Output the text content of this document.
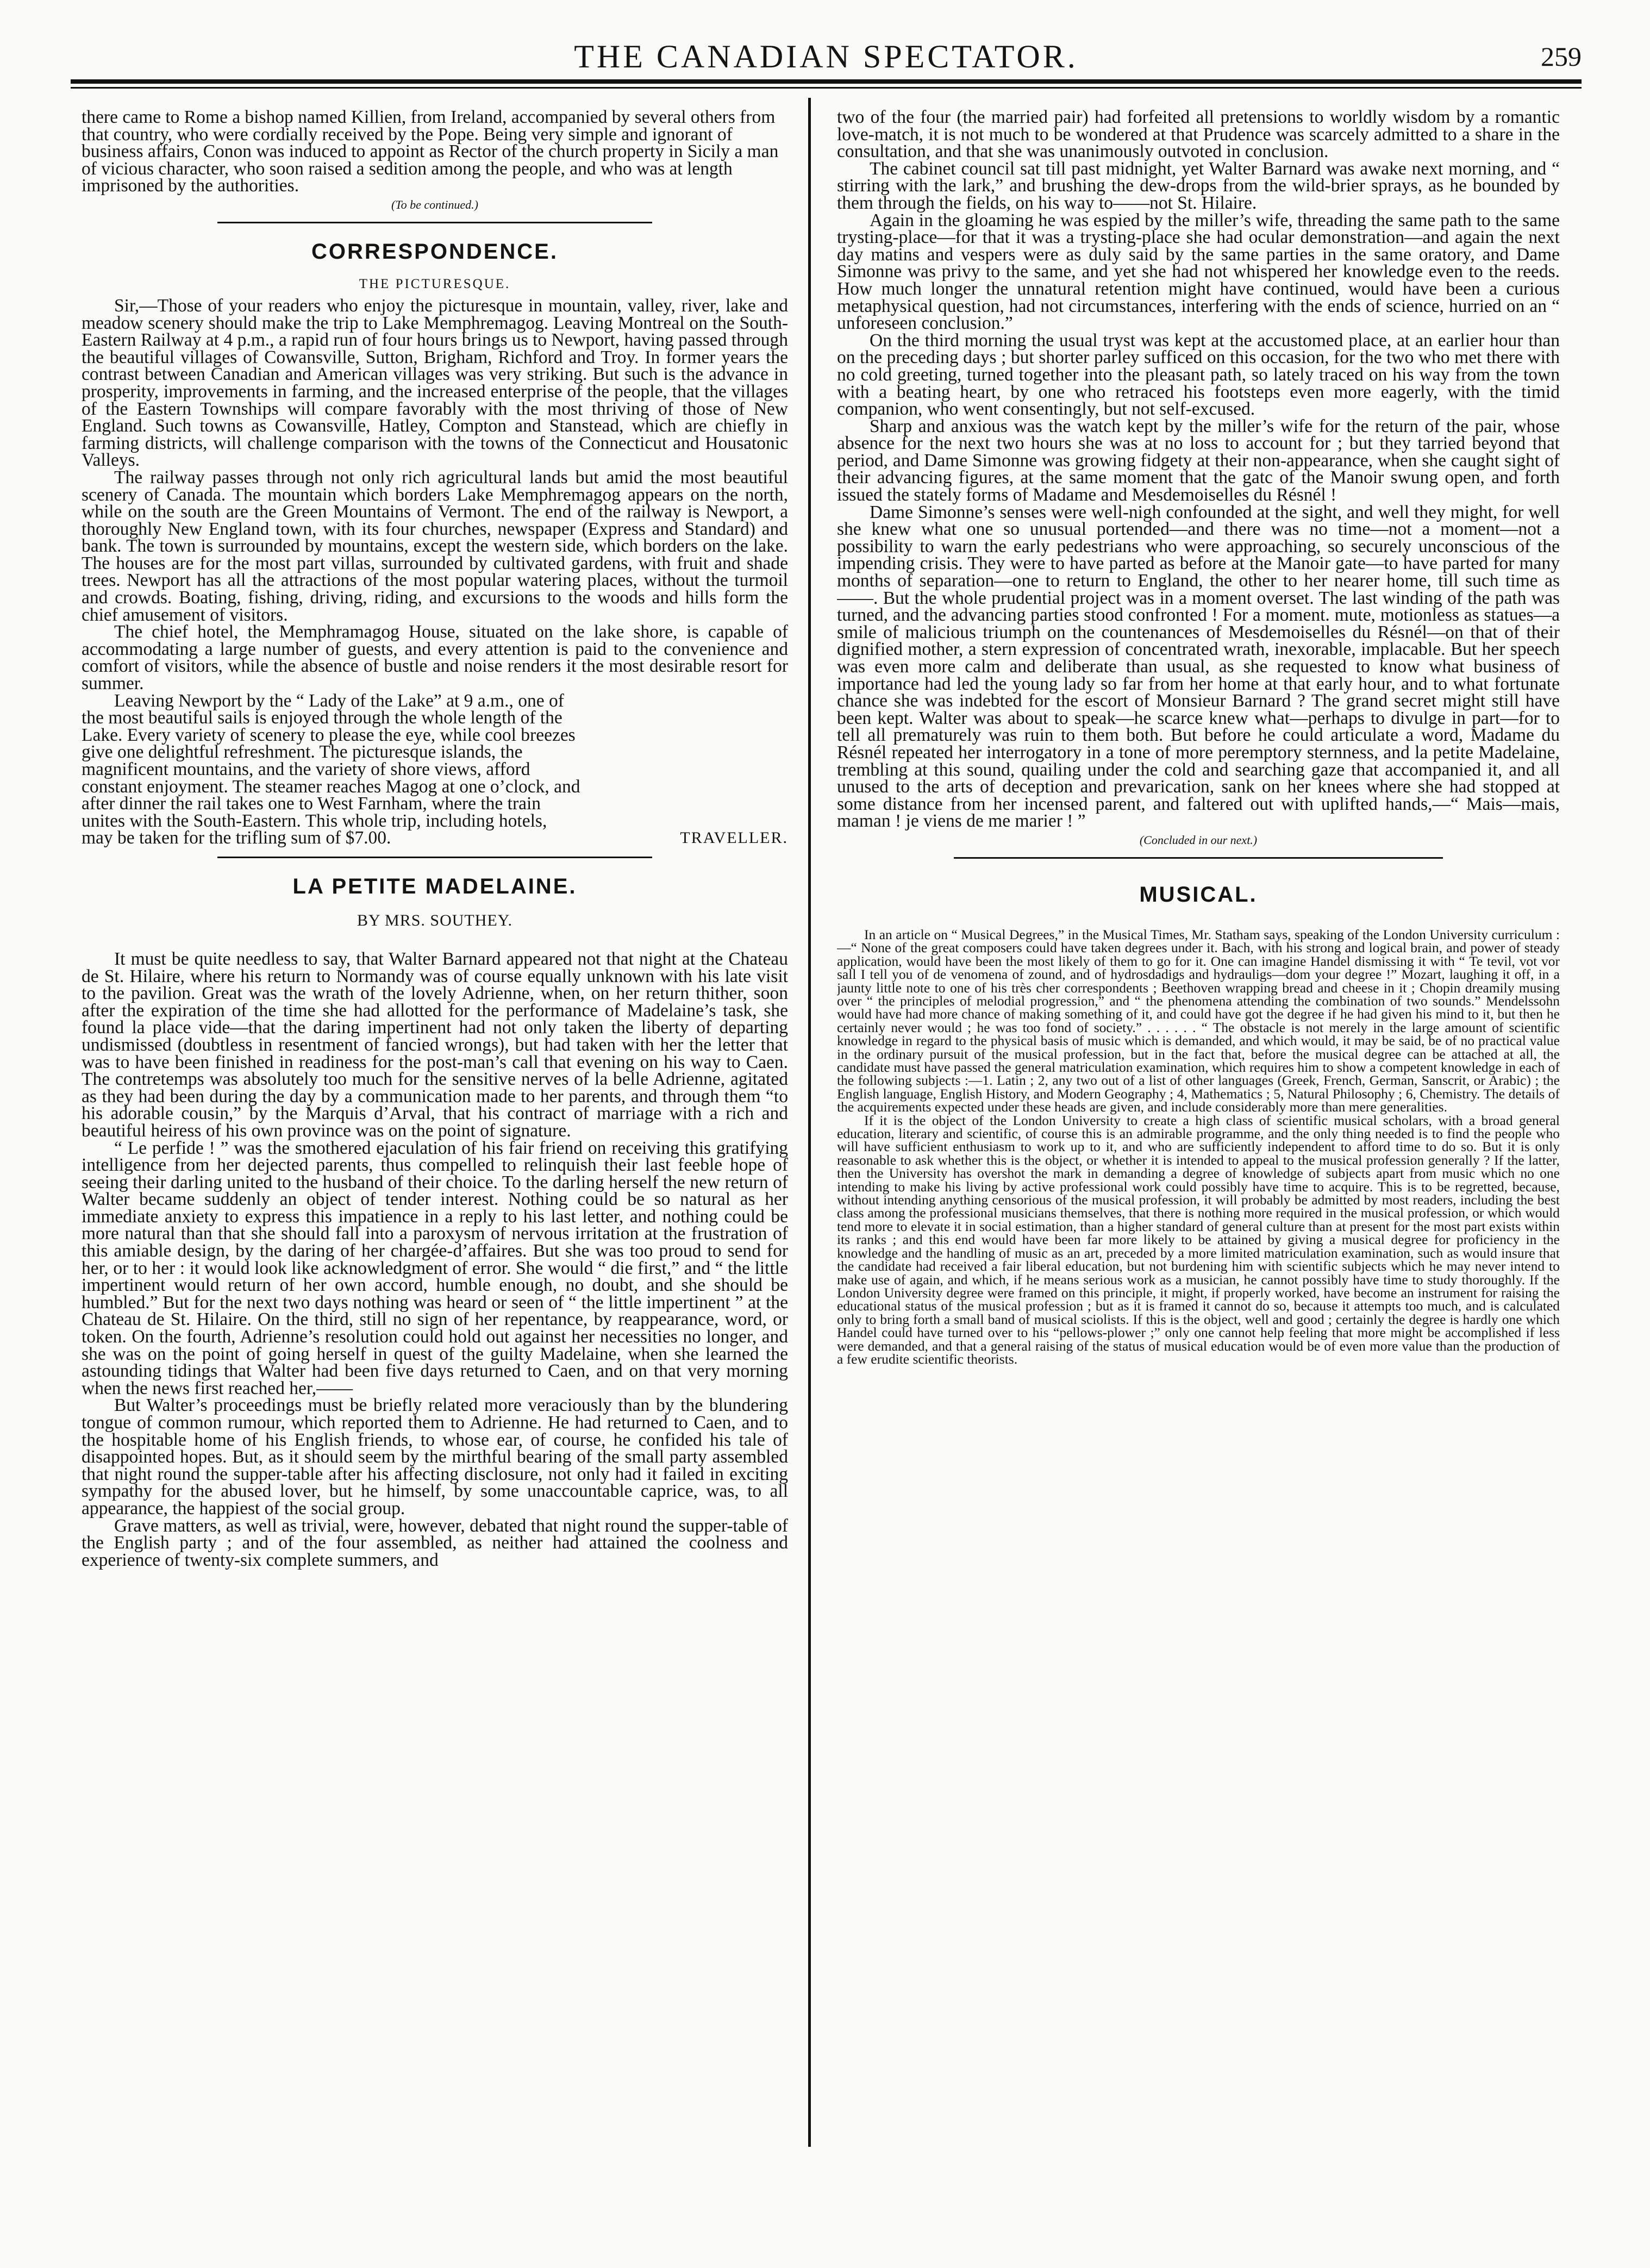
THE CANADIAN SPECTATOR.	259

there came to Rome a bishop named Killien, from Ireland, accompanied by several others from that country, who were cordially received by the Pope. Being very simple and ignorant of business affairs, Conon was induced to appoint as Rector of the church property in Sicily a man of vicious character, who soon raised a sedition among the people, and who was at length imprisoned by the authorities.

(To be continued.)
CORRESPONDENCE.
THE PICTURESQUE.

Sir,—Those of your readers who enjoy the picturesque in mountain, valley, river, lake and meadow scenery should make the trip to Lake Memphremagog. Leaving Montreal on the South-Eastern Railway at 4 p.m., a rapid run of four hours brings us to Newport, having passed through the beautiful villages of Cowansville, Sutton, Brigham, Richford and Troy. In former years the contrast between Canadian and American villages was very striking. But such is the advance in prosperity, improvements in farming, and the increased enterprise of the people, that the villages of the Eastern Townships will compare favorably with the most thriving of those of New England. Such towns as Cowansville, Hatley, Compton and Stanstead, which are chiefly in farming districts, will challenge comparison with the towns of the Connecticut and Housatonic Valleys.

The railway passes through not only rich agricultural lands but amid the most beautiful scenery of Canada. The mountain which borders Lake Memphremagog appears on the north, while on the south are the Green Mountains of Vermont. The end of the railway is Newport, a thoroughly New England town, with its four churches, newspaper (Express and Standard) and bank. The town is surrounded by mountains, except the western side, which borders on the lake. The houses are for the most part villas, surrounded by cultivated gardens, with fruit and shade trees. Newport has all the attractions of the most popular watering places, without the turmoil and crowds. Boating, fishing, driving, riding, and excursions to the woods and hills form the chief amusement of visitors.

The chief hotel, the Memphramagog House, situated on the lake shore, is capable of accommodating a large number of guests, and every attention is paid to the convenience and comfort of visitors, while the absence of bustle and noise renders it the most desirable resort for summer.

Leaving Newport by the “ Lady of the Lake” at 9 a.m., one of the most beautiful sails is enjoyed through the whole length of the Lake. Every variety of scenery to please the eye, while cool breezes give one delightful refreshment. The picturesque islands, the magnificent mountains, and the variety of shore views, afford constant enjoyment. The steamer reaches Magog at one o’clock, and after dinner the rail takes one to West Farnham, where the train unites with the South-Eastern. This whole trip, including hotels, may be taken for the trifling sum of $7.00.	TRAVELLER.
LA PETITE MADELAINE.
BY MRS. SOUTHEY.

It must be quite needless to say, that Walter Barnard appeared not that night at the Chateau de St. Hilaire, where his return to Normandy was of course equally unknown with his late visit to the pavilion. Great was the wrath of the lovely Adrienne, when, on her return thither, soon after the expiration of the time she had allotted for the performance of Madelaine’s task, she found la place vide—that the daring impertinent had not only taken the liberty of departing undismissed (doubtless in resentment of fancied wrongs), but had taken with her the letter that was to have been finished in readiness for the post-man’s call that evening on his way to Caen. The contretemps was absolutely too much for the sensitive nerves of la belle Adrienne, agitated as they had been during the day by a communication made to her parents, and through them “to his adorable cousin,” by the Marquis d’Arval, that his contract of marriage with a rich and beautiful heiress of his own province was on the point of signature.

“ Le perfide ! ” was the smothered ejaculation of his fair friend on receiving this gratifying intelligence from her dejected parents, thus compelled to relinquish their last feeble hope of seeing their darling united to the husband of their choice. To the darling herself the new return of Walter became suddenly an object of tender interest. Nothing could be so natural as her immediate anxiety to express this impatience in a reply to his last letter, and nothing could be more natural than that she should fall into a paroxysm of nervous irritation at the frustration of this amiable design, by the daring of her chargée-d’affaires. But she was too proud to send for her, or to her : it would look like acknowledgment of error. She would “ die first,” and “ the little impertinent would return of her own accord, humble enough, no doubt, and she should be humbled.” But for the next two days nothing was heard or seen of “ the little impertinent ” at the Chateau de St. Hilaire. On the third, still no sign of her repentance, by reappearance, word, or token. On the fourth, Adrienne’s resolution could hold out against her necessities no longer, and she was on the point of going herself in quest of the guilty Madelaine, when she learned the astounding tidings that Walter had been five days returned to Caen, and on that very morning when the news first reached her,——

But Walter’s proceedings must be briefly related more veraciously than by the blundering tongue of common rumour, which reported them to Adrienne. He had returned to Caen, and to the hospitable home of his English friends, to whose ear, of course, he confided his tale of disappointed hopes. But, as it should seem by the mirthful bearing of the small party assembled that night round the supper-table after his affecting disclosure, not only had it failed in exciting sympathy for the abused lover, but he himself, by some unaccountable caprice, was, to all appearance, the happiest of the social group.

Grave matters, as well as trivial, were, however, debated that night round the supper-table of the English party ; and of the four assembled, as neither had attained the coolness and experience of twenty-six complete summers, and

two of the four (the married pair) had forfeited all pretensions to worldly wisdom by a romantic love-match, it is not much to be wondered at that Prudence was scarcely admitted to a share in the consultation, and that she was unanimously outvoted in conclusion.

The cabinet council sat till past midnight, yet Walter Barnard was awake next morning, and “ stirring with the lark,” and brushing the dew-drops from the wild-brier sprays, as he bounded by them through the fields, on his way to——not St. Hilaire.

Again in the gloaming he was espied by the miller’s wife, threading the same path to the same trysting-place—for that it was a trysting-place she had ocular demonstration—and again the next day matins and vespers were as duly said by the same parties in the same oratory, and Dame Simonne was privy to the same, and yet she had not whispered her knowledge even to the reeds. How much longer the unnatural retention might have continued, would have been a curious metaphysical question, had not circumstances, interfering with the ends of science, hurried on an “ unforeseen conclusion.”

On the third morning the usual tryst was kept at the accustomed place, at an earlier hour than on the preceding days ; but shorter parley sufficed on this occasion, for the two who met there with no cold greeting, turned together into the pleasant path, so lately traced on his way from the town with a beating heart, by one who retraced his footsteps even more eagerly, with the timid companion, who went consentingly, but not self-excused.

Sharp and anxious was the watch kept by the miller’s wife for the return of the pair, whose absence for the next two hours she was at no loss to account for ; but they tarried beyond that period, and Dame Simonne was growing fidgety at their non-appearance, when she caught sight of their advancing figures, at the same moment that the gatc of the Manoir swung open, and forth issued the stately forms of Madame and Mesdemoiselles du Résnél !

Dame Simonne’s senses were well-nigh confounded at the sight, and well they might, for well she knew what one so unusual portended—and there was no time—not a moment—not a possibility to warn the early pedestrians who were approaching, so securely unconscious of the impending crisis. They were to have parted as before at the Manoir gate—to have parted for many months of separation—one to return to England, the other to her nearer home, till such time as——. But the whole prudential project was in a moment overset. The last winding of the path was turned, and the advancing parties stood confronted ! For a moment. mute, motionless as statues—a smile of malicious triumph on the countenances of Mesdemoiselles du Résnél—on that of their dignified mother, a stern expression of concentrated wrath, inexorable, implacable. But her speech was even more calm and deliberate than usual, as she requested to know what business of importance had led the young lady so far from her home at that early hour, and to what fortunate chance she was indebted for the escort of Monsieur Barnard ? The grand secret might still have been kept. Walter was about to speak—he scarce knew what—perhaps to divulge in part—for to tell all prematurely was ruin to them both. But before he could articulate a word, Madame du Résnél repeated her interrogatory in a tone of more peremptory sternness, and la petite Madelaine, trembling at this sound, quailing under the cold and searching gaze that accompanied it, and all unused to the arts of deception and prevarication, sank on her knees where she had stopped at some distance from her incensed parent, and faltered out with uplifted hands,—“ Mais—mais, maman ! je viens de me marier ! ”

(Concluded in our next.)
MUSICAL.

In an article on “ Musical Degrees,” in the Musical Times, Mr. Statham says, speaking of the London University curriculum :—“ None of the great composers could have taken degrees under it. Bach, with his strong and logical brain, and power of steady application, would have been the most likely of them to go for it. One can imagine Handel dismissing it with “ Te tevil, vot vor sall I tell you of de venomena of zound, and of hydrosdadigs and hydrauligs—dom your degree !” Mozart, laughing it off, in a jaunty little note to one of his très cher correspondents ; Beethoven wrapping bread and cheese in it ; Chopin dreamily musing over “ the principles of melodial progression,” and “ the phenomena attending the combination of two sounds.” Mendelssohn would have had more chance of making something of it, and could have got the degree if he had given his mind to it, but then he certainly never would ; he was too fond of society.” . . . . . . “ The obstacle is not merely in the large amount of scientific knowledge in regard to the physical basis of music which is demanded, and which would, it may be said, be of no practical value in the ordinary pursuit of the musical profession, but in the fact that, before the musical degree can be attached at all, the candidate must have passed the general matriculation examination, which requires him to show a competent knowledge in each of the following subjects :—1. Latin ; 2, any two out of a list of other languages (Greek, French, German, Sanscrit, or Arabic) ; the English language, English History, and Modern Geography ; 4, Mathematics ; 5, Natural Philosophy ; 6, Chemistry. The details of the acquirements expected under these heads are given, and include considerably more than mere generalities.

If it is the object of the London University to create a high class of scientific musical scholars, with a broad general education, literary and scientific, of course this is an admirable programme, and the only thing needed is to find the people who will have sufficient enthusiasm to work up to it, and who are sufficiently independent to afford time to do so. But it is only reasonable to ask whether this is the object, or whether it is intended to appeal to the musical profession generally ? If the latter, then the University has overshot the mark in demanding a degree of knowledge of subjects apart from music which no one intending to make his living by active professional work could possibly have time to acquire. This is to be regretted, because, without intending anything censorious of the musical profession, it will probably be admitted by most readers, including the best class among the professional musicians themselves, that there is nothing more required in the musical profession, or which would tend more to elevate it in social estimation, than a higher standard of general culture than at present for the most part exists within its ranks ; and this end would have been far more likely to be attained by giving a musical degree for proficiency in the knowledge and the handling of music as an art, preceded by a more limited matriculation examination, such as would insure that the candidate had received a fair liberal education, but not burdening him with scientific subjects which he may never intend to make use of again, and which, if he means serious work as a musician, he cannot possibly have time to study thoroughly. If the London University degree were framed on this principle, it might, if properly worked, have become an instrument for raising the educational status of the musical profession ; but as it is framed it cannot do so, because it attempts too much, and is calculated only to bring forth a small band of musical sciolists. If this is the object, well and good ; certainly the degree is hardly one which Handel could have turned over to his “pellows-plower ;” only one cannot help feeling that more might be accomplished if less were demanded, and that a general raising of the status of musical education would be of even more value than the production of a few erudite scientific theorists.
